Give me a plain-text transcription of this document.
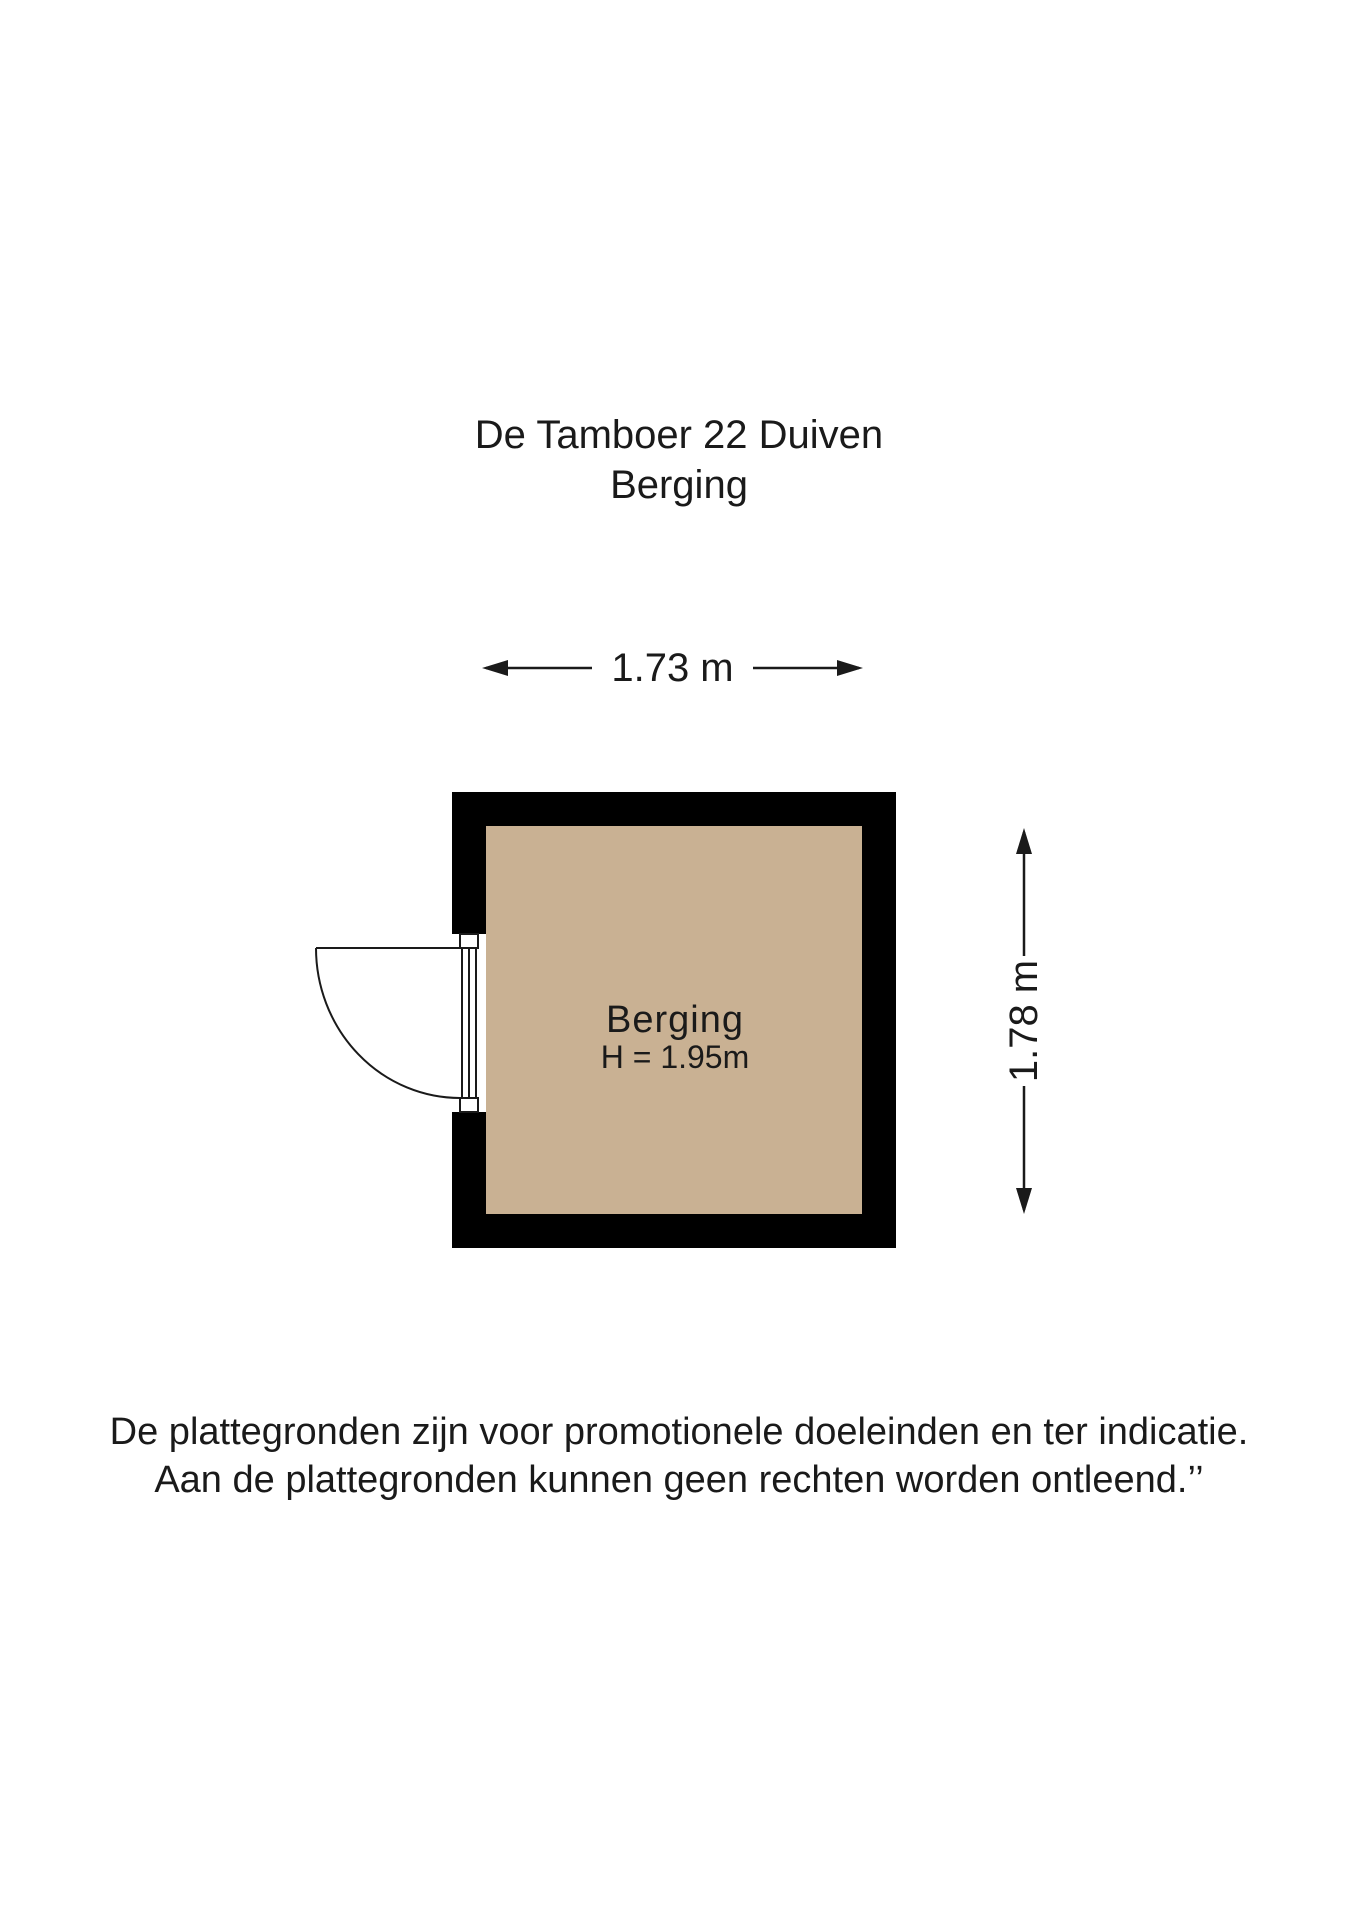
De Tamboer 22 Duiven
Berging
1.73 m
Berging
H = 1.95m	1.78 m
De plattegronden zijn voor promotionele doeleinden en ter indicatie.
Aan de plattegronden kunnen geen rechten worden ontleend.’’
